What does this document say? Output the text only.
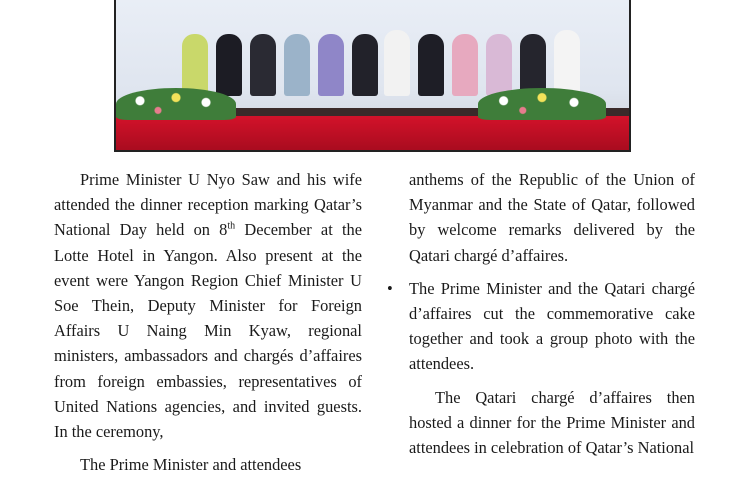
Prime Minister U Nyo Saw and his wife attended the dinner reception marking Qatar’s National Day held on 8th December at the Lotte Hotel in Yangon. Also present at the event were Yangon Region Chief Minister U Soe Thein, Deputy Minister for Foreign Affairs U Naing Min Kyaw, regional ministers, ambassadors and chargés d’affaires from foreign embassies, representatives of United Nations agencies, and invited guests. In the ceremony,

The Prime Minister and attendees

anthems of the Republic of the Union of Myanmar and the State of Qatar, followed by welcome remarks delivered by the Qatari chargé d’affaires.

• The Prime Minister and the Qatari chargé d’affaires cut the commemorative cake together and took a group photo with the attendees.

The Qatari chargé d’affaires then hosted a dinner for the Prime Minister and attendees in celebration of Qatar’s National
